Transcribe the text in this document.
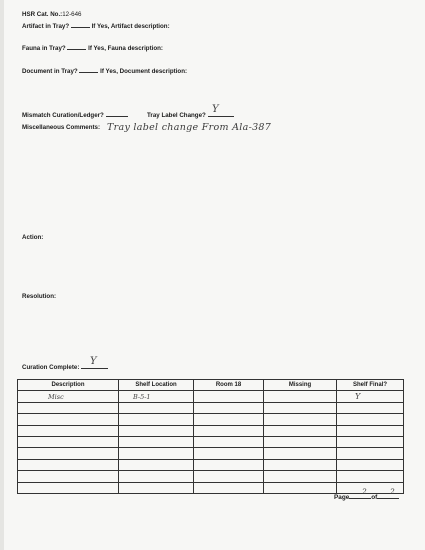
HSR Cat. No.:12-646
Artifact in Tray?	If Yes, Artifact description:
Fauna in Tray?	If Yes, Fauna description:
Document in Tray?	If Yes, Document description:
Mismatch Curation/Ledger?	Tray Label Change?
Y
Miscellaneous Comments: Tray label change From Ala-387
Action:
Resolution:
Curation Complete:
Y
Description	Shelf Location	Room 18	Missing	Shelf Final?
Misc	B-5-1			Y

Page	of
2	2
